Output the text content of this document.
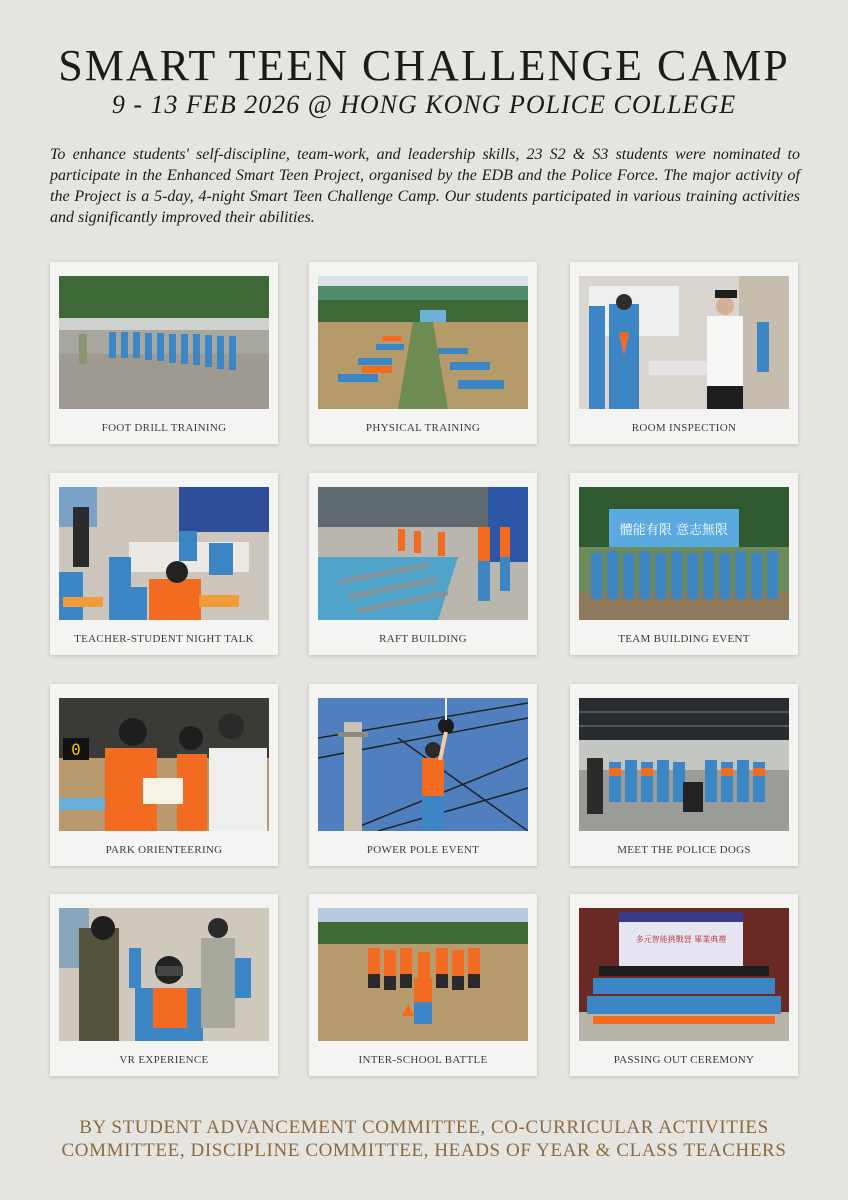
SMART TEEN CHALLENGE CAMP
9 - 13 FEB 2026 @ HONG KONG POLICE COLLEGE

To enhance students' self-discipline, team-work, and leadership skills, 23 S2 & S3 students were nominated to participate in the Enhanced Smart Teen Project, organised by the EDB and the Police Force. The major activity of the Project is a 5-day, 4-night Smart Teen Challenge Camp. Our students participated in various training activities and significantly improved their abilities.

FOOT DRILL TRAINING	PHYSICAL TRAINING	ROOM INSPECTION
TEACHER-STUDENT NIGHT TALK	RAFT BUILDING
體能有限 意志無限
TEAM BUILDING EVENT
0
PARK ORIENTEERING	POWER POLE EVENT	MEET THE POLICE DOGS
VR EXPERIENCE	INTER-SCHOOL BATTLE
多元智能挑戰營 畢業典禮
PASSING OUT CEREMONY
BY STUDENT ADVANCEMENT COMMITTEE, CO-CURRICULAR ACTIVITIES
COMMITTEE, DISCIPLINE COMMITTEE, HEADS OF YEAR & CLASS TEACHERS
